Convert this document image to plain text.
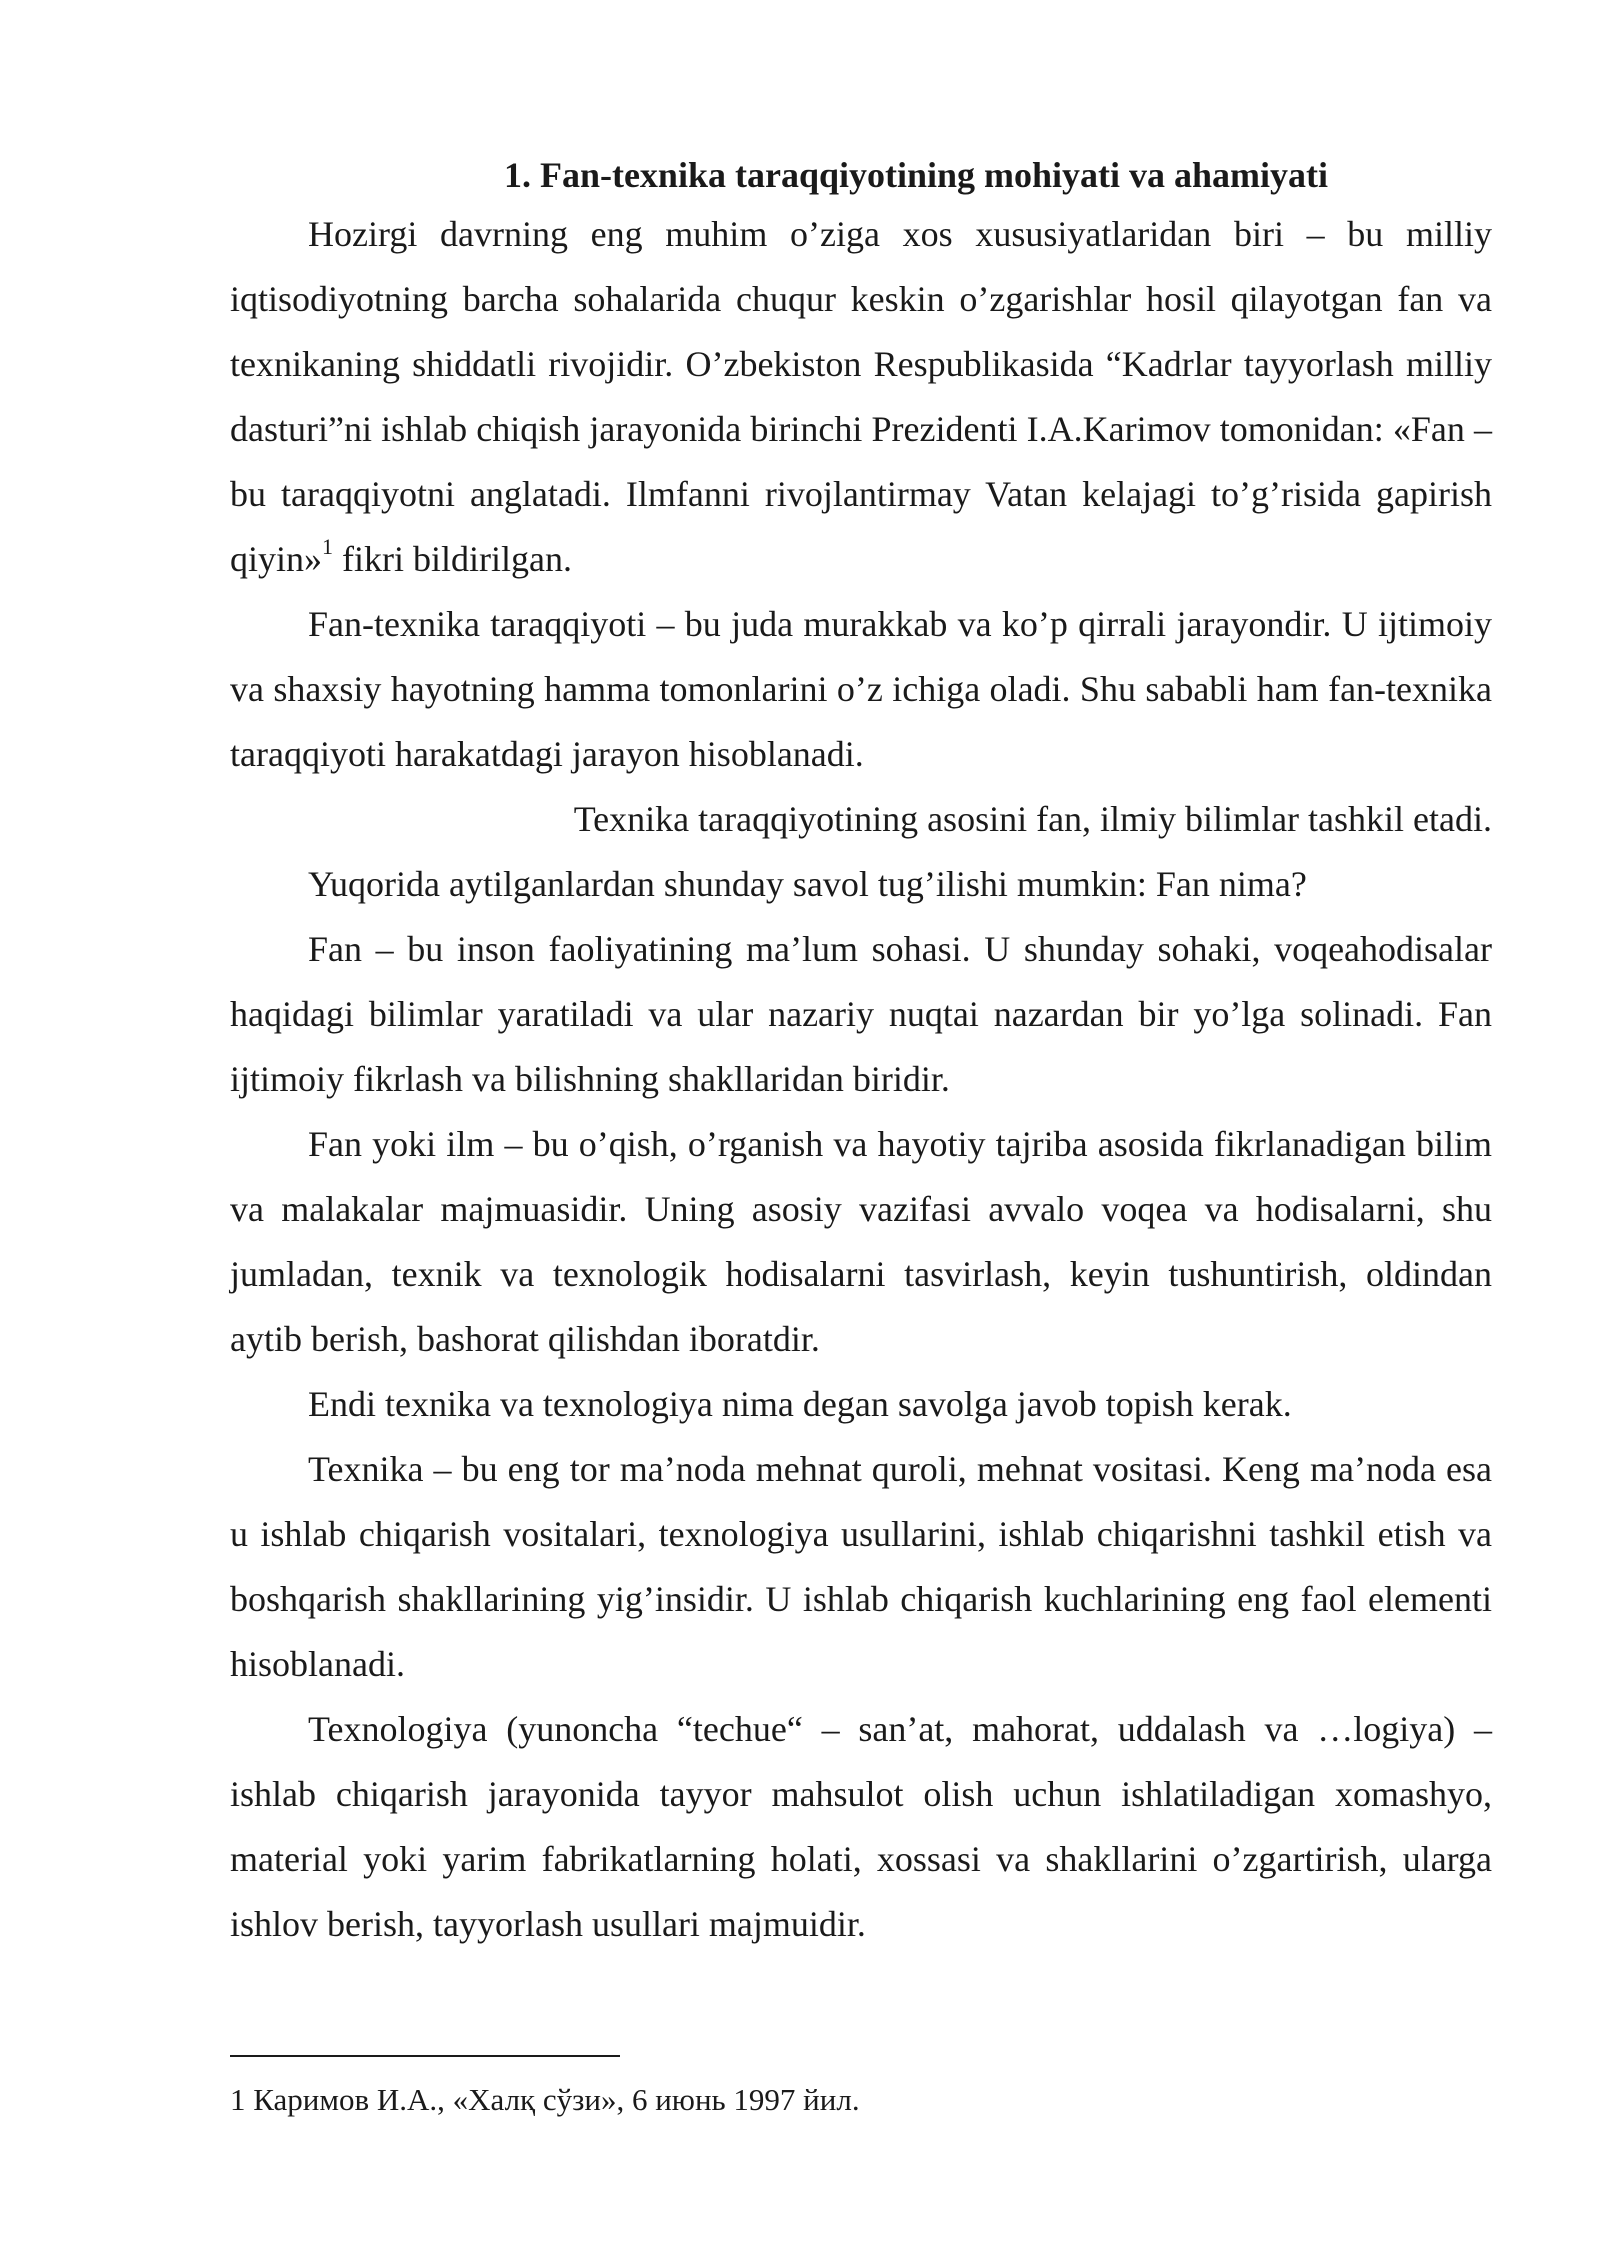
1. Fan-texnika taraqqiyotining mohiyati va ahamiyati

Hozirgi davrning eng muhim o’ziga xos xususiyatlaridan biri – bu milliy iqtisodiyotning barcha sohalarida chuqur keskin o’zgarishlar hosil qilayotgan fan va texnikaning shiddatli rivojidir. O’zbekiston Respublikasida “Kadrlar tayyorlash milliy dasturi”ni ishlab chiqish jarayonida birinchi Prezidenti I.A.Karimov tomonidan: «Fan – bu taraqqiyotni anglatadi. Ilmfanni rivojlantirmay Vatan kelajagi to’g’risida gapirish qiyin»$^1$ fikri bildirilgan.

Fan-texnika taraqqiyoti – bu juda murakkab va ko’p qirrali jarayondir. U ijtimoiy va shaxsiy hayotning hamma tomonlarini o’z ichiga oladi. Shu sababli ham fan-texnika taraqqiyoti harakatdagi jarayon hisoblanadi.

Texnika taraqqiyotining asosini fan, ilmiy bilimlar tashkil etadi.

Yuqorida aytilganlardan shunday savol tug’ilishi mumkin: Fan nima?

Fan – bu inson faoliyatining ma’lum sohasi. U shunday sohaki, voqeahodisalar haqidagi bilimlar yaratiladi va ular nazariy nuqtai nazardan bir yo’lga solinadi. Fan ijtimoiy fikrlash va bilishning shakllaridan biridir.

Fan yoki ilm – bu o’qish, o’rganish va hayotiy tajriba asosida fikrlanadigan bilim va malakalar majmuasidir. Uning asosiy vazifasi avvalo voqea va hodisalarni, shu jumladan, texnik va texnologik hodisalarni tasvirlash, keyin tushuntirish, oldindan aytib berish, bashorat qilishdan iboratdir.

Endi texnika va texnologiya nima degan savolga javob topish kerak.

Texnika – bu eng tor ma’noda mehnat quroli, mehnat vositasi. Keng ma’noda esa u ishlab chiqarish vositalari, texnologiya usullarini, ishlab chiqarishni tashkil etish va boshqarish shakllarining yig’insidir. U ishlab chiqarish kuchlarining eng faol elementi hisoblanadi.

Texnologiya (yunoncha “techue“ – san’at, mahorat, uddalash va …logiya) – ishlab chiqarish jarayonida tayyor mahsulot olish uchun ishlatiladigan xomashyo, material yoki yarim fabrikatlarning holati, xossasi va shakllarini o’zgartirish, ularga ishlov berish, tayyorlash usullari majmuidir.

1 Каримов И.А., «Халқ сўзи», 6 июнь 1997 йил.
